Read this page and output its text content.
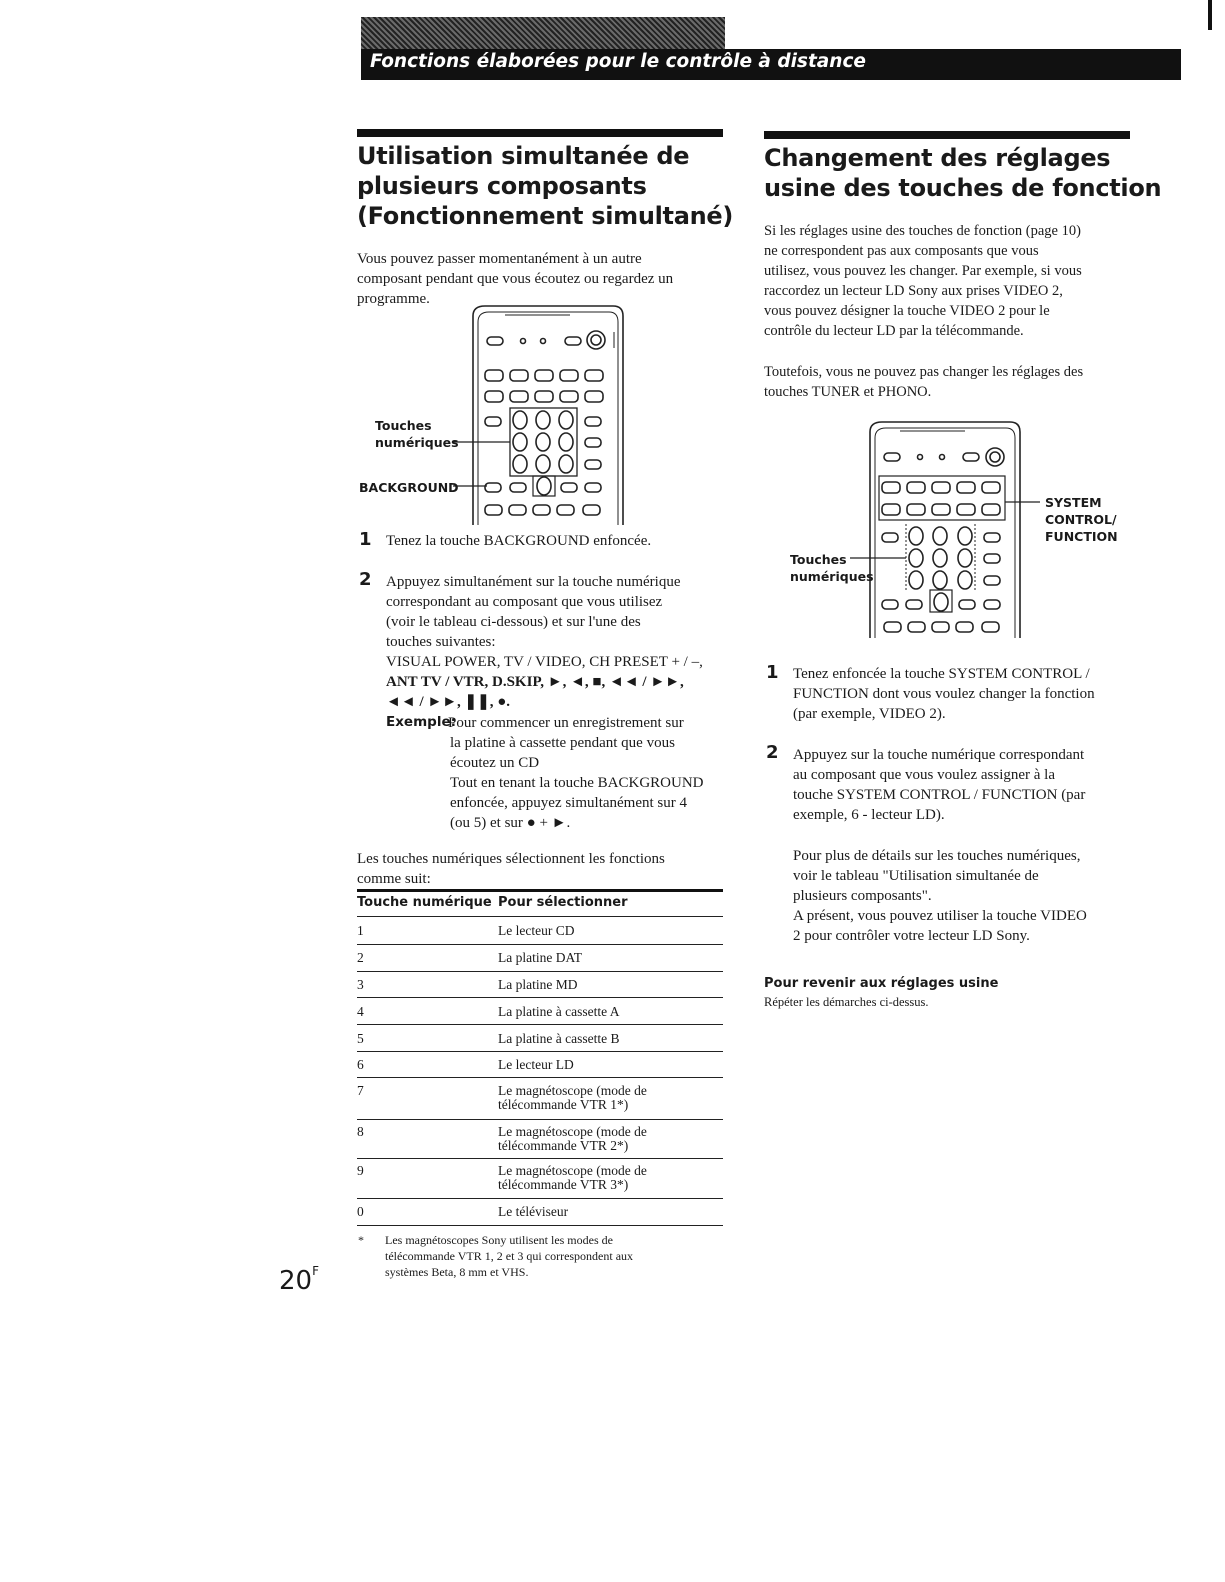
Fonctions élaborées pour le contrôle à distance
Utilisation simultanée de
plusieurs composants
(Fonctionnement simultané)
Vous pouvez passer momentanément à un autre
composant pendant que vous écoutez ou regardez un
programme.
Touches
numériques
BACKGROUND
1 Tenez la touche BACKGROUND enfoncée.
2 Appuyez simultanément sur la touche numérique
correspondant au composant que vous utilisez
(voir le tableau ci-dessous) et sur l'une des
touches suivantes:
VISUAL POWER, TV / VIDEO, CH PRESET + / –,
ANT TV / VTR, D.SKIP, ►, ◄, ■, ◄◄ / ►►,
◄◄ / ►►, ❚❚, ●.
Exemple:
Pour commencer un enregistrement sur
la platine à cassette pendant que vous
écoutez un CD
Tout en tenant la touche BACKGROUND
enfoncée, appuyez simultanément sur 4
(ou 5) et sur ● + ►.
Les touches numériques sélectionnent les fonctions
comme suit:
Touche numérique Pour sélectionner
1	Le lecteur CD
2	La platine DAT
3	La platine MD
4	La platine à cassette A
5	La platine à cassette B
6	Le lecteur LD
7	Le magnétoscope (mode de
télécommande VTR 1*)
8	Le magnétoscope (mode de
télécommande VTR 2*)
9	Le magnétoscope (mode de
télécommande VTR 3*)
0	Le téléviseur
* Les magnétoscopes Sony utilisent les modes de
télécommande VTR 1, 2 et 3 qui correspondent aux
systèmes Beta, 8 mm et VHS.
$20^F$
Changement des réglages
usine des touches de fonction
Si les réglages usine des touches de fonction (page 10)
ne correspondent pas aux composants que vous
utilisez, vous pouvez les changer. Par exemple, si vous
raccordez un lecteur LD Sony aux prises VIDEO 2,
vous pouvez désigner la touche VIDEO 2 pour le
contrôle du lecteur LD par la télécommande.
Toutefois, vous ne pouvez pas changer les réglages des
touches TUNER et PHONO.
SYSTEM
CONTROL/
FUNCTION
Touches
numériques
1 Tenez enfoncée la touche SYSTEM CONTROL /
FUNCTION dont vous voulez changer la fonction
(par exemple, VIDEO 2).
2 Appuyez sur la touche numérique correspondant
au composant que vous voulez assigner à la
touche SYSTEM CONTROL / FUNCTION (par
exemple, 6 - lecteur LD).
Pour plus de détails sur les touches numériques,
voir le tableau "Utilisation simultanée de
plusieurs composants".
A présent, vous pouvez utiliser la touche VIDEO
2 pour contrôler votre lecteur LD Sony.
Pour revenir aux réglages usine
Répéter les démarches ci-dessus.
